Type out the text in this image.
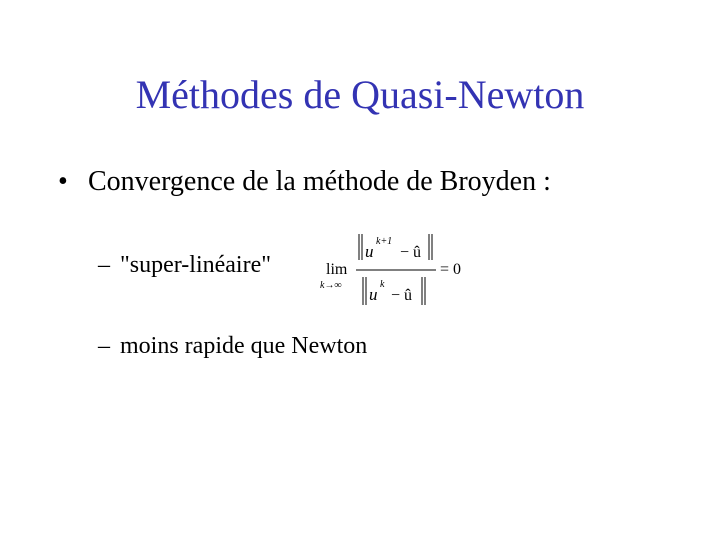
Méthodes de Quasi-Newton
• Convergence de la méthode de Broyden :
– "super-linéaire"	lim
k→∞
u
k+1
− û
u
k
− û
= 0
– moins rapide que Newton
